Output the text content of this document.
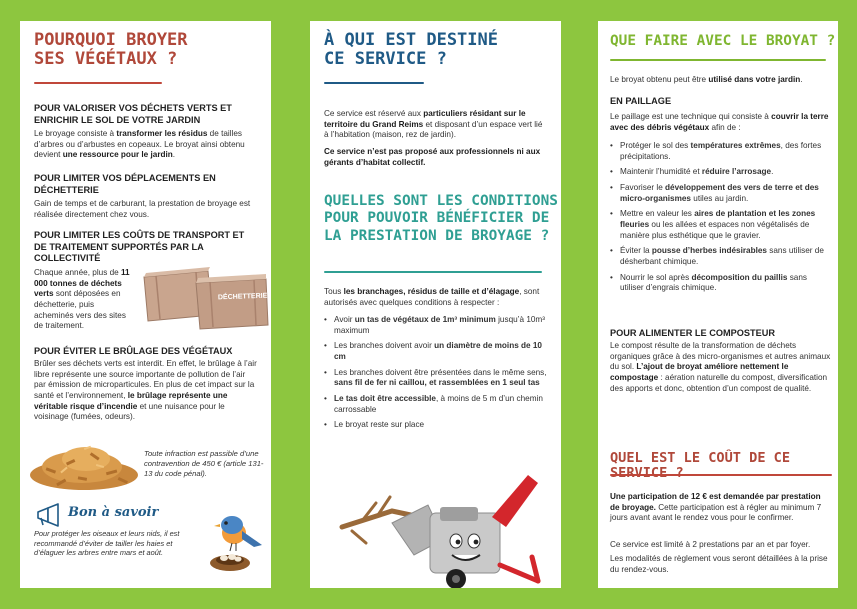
POURQUOI BROYER
SES VÉGÉTAUX ?

POUR VALORISER VOS DÉCHETS VERTS ET ENRICHIR LE SOL DE VOTRE JARDIN

Le broyage consiste à transformer les résidus de tailles d’arbres ou d’arbustes en copeaux. Le broyat ainsi obtenu devient une ressource pour le jardin.

POUR LIMITER VOS DÉPLACEMENTS EN DÉCHETTERIE

Gain de temps et de carburant, la prestation de broyage est réalisée directement chez vous.

POUR LIMITER LES COÛTS DE TRANSPORT ET DE TRAITEMENT SUPPORTÉS PAR LA COLLECTIVITÉ

Chaque année, plus de 11 000 tonnes de déchets verts sont déposées en déchetterie, puis acheminés vers des sites de traitement.

DÉCHETTERIE

POUR ÉVITER LE BRÛLAGE DES VÉGÉTAUX

Brûler ses déchets verts est interdit. En effet, le brûlage à l’air libre représente une source importante de pollution de l’air par émission de microparticules. En plus de cet impact sur la santé et l’environnement, le brûlage représente une véritable risque d’incendie et une nuisance pour le voisinage (fumées, odeurs).

Toute infraction est passible d’une contravention de 450 € (article 131-13 du code pénal).

Bon à savoir

Pour protéger les oiseaux et leurs nids, il est recommandé d’éviter de tailler les haies et d’élaguer les arbres entre mars et août.

À QUI EST DESTINÉ
CE SERVICE ?

Ce service est réservé aux particuliers résidant sur le territoire du Grand Reims et disposant d’un espace vert lié à l’habitation (maison, rez de jardin).

Ce service n’est pas proposé aux professionnels ni aux gérants d’habitat collectif.

QUELLES SONT LES CONDITIONS
POUR POUVOIR BÉNÉFICIER DE
LA PRESTATION DE BROYAGE ?

Tous les branchages, résidus de taille et d’élagage, sont autorisés avec quelques conditions à respecter :

• Avoir un tas de végétaux de 1m³ minimum jusqu’à 10m³ maximum
• Les branches doivent avoir un diamètre de moins de 10 cm
• Les branches doivent être présentées dans le même sens, sans fil de fer ni caillou, et rassemblées en 1 seul tas
• Le tas doit être accessible, à moins de 5 m d’un chemin carrossable
• Le broyat reste sur place
QUE FAIRE AVEC LE BROYAT ?

Le broyat obtenu peut être utilisé dans votre jardin.

EN PAILLAGE

Le paillage est une technique qui consiste à couvrir la terre avec des débris végétaux afin de :

• Protéger le sol des températures extrêmes, des fortes précipitations.
• Maintenir l’humidité et réduire l’arrosage.
• Favoriser le développement des vers de terre et des micro-organismes utiles au jardin.
• Mettre en valeur les aires de plantation et les zones fleuries ou les allées et espaces non végétalisés de manière plus esthétique que le gravier.
• Éviter la pousse d’herbes indésirables sans utiliser de désherbant chimique.
• Nourrir le sol après décomposition du paillis sans utiliser d’engrais chimique.

POUR ALIMENTER LE COMPOSTEUR

Le compost résulte de la transformation de déchets organiques grâce à des micro-organismes et autres animaux du sol. L’ajout de broyat améliore nettement le compostage : aération naturelle du compost, diversification des apports et donc, obtention d’un compost de qualité.

QUEL EST LE COÛT DE CE

Une participation de 12 € est demandée par prestation de broyage. Cette participation est à régler au minimum 7 jours avant avant le rendez vous pour le confirmer.

Ce service est limité à 2 prestations par an et par foyer.

Les modalités de règlement vous seront détaillées à la prise du rendez-vous.
